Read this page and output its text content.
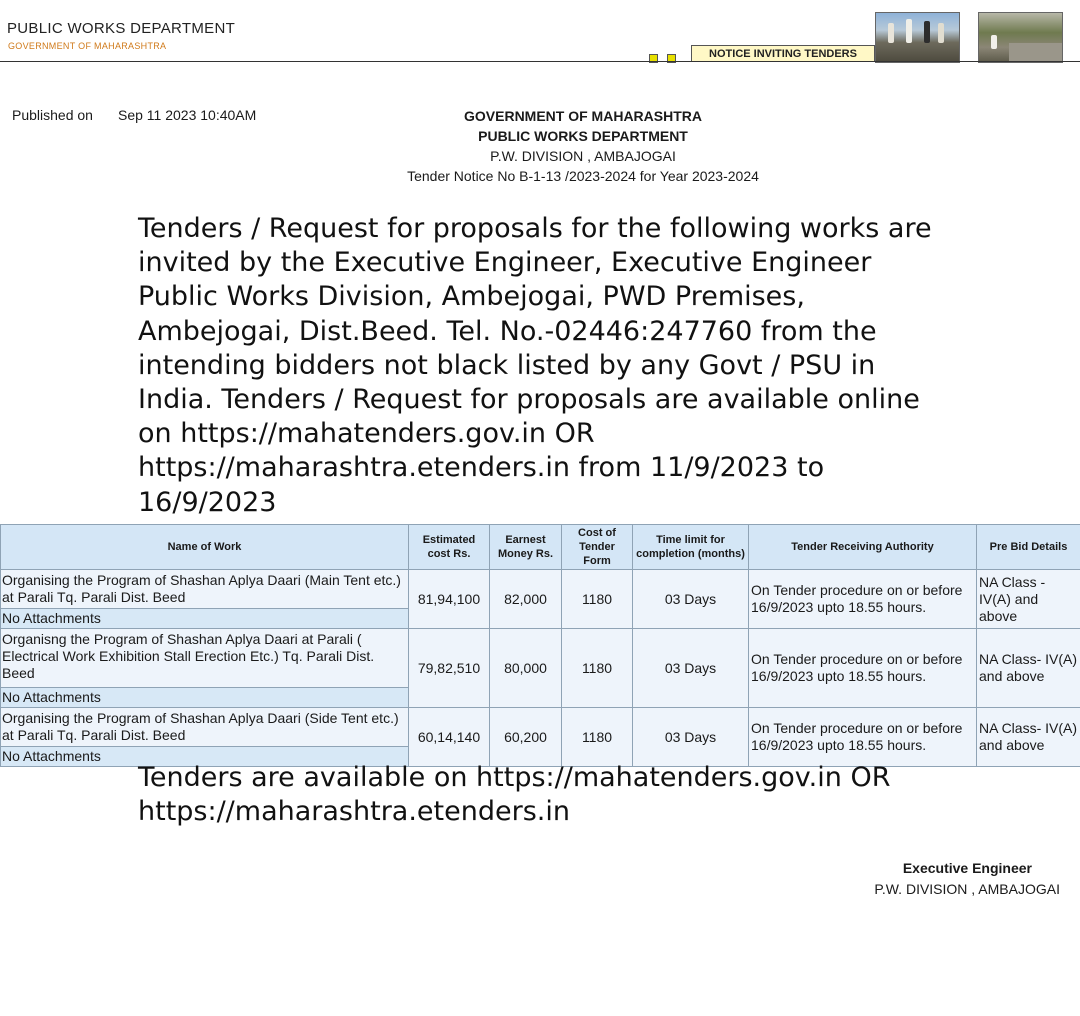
PUBLIC WORKS DEPARTMENT
GOVERNMENT OF MAHARASHTRA
NOTICE INVITING TENDERS
Published on Sep 11 2023 10:40AM	GOVERNMENT OF MAHARASHTRA
PUBLIC WORKS DEPARTMENT
P.W. DIVISION , AMBAJOGAI
Tender Notice No B-1-13 /2023-2024 for Year 2023-2024
Tenders / Request for proposals for the following works are invited by the Executive Engineer, Executive Engineer Public Works Division, Ambejogai, PWD Premises, Ambejogai, Dist.Beed. Tel. No.-02446:247760 from the intending bidders not black listed by any Govt / PSU in India. Tenders / Request for proposals are available online on https://mahatenders.gov.in OR https://maharashtra.etenders.in from 11/9/2023 to 16/9/2023
Name of Work	Estimated cost Rs.	Earnest Money Rs.	Cost of Tender Form	Time limit for completion (months)	Tender Receiving Authority	Pre Bid Details
Organising the Program of Shashan Aplya Daari (Main Tent etc.) at Parali Tq. Parali Dist. Beed	81,94,100	82,000	1180	03 Days	On Tender procedure on or before 16/9/2023 upto 18.55 hours.	NA Class - IV(A) and above
No Attachments						
Organisng the Program of Shashan Aplya Daari at Parali ( Electrical Work Exhibition Stall Erection Etc.) Tq. Parali Dist. Beed	79,82,510	80,000	1180	03 Days	On Tender procedure on or before 16/9/2023 upto 18.55 hours.	NA Class- IV(A) and above
No Attachments						
Organising the Program of Shashan Aplya Daari (Side Tent etc.) at Parali Tq. Parali Dist. Beed	60,14,140	60,200	1180	03 Days	On Tender procedure on or before 16/9/2023 upto 18.55 hours.	NA Class- IV(A) and above
No Attachments						
Tenders are available on https://mahatenders.gov.in OR https://maharashtra.etenders.in
Executive Engineer
P.W. DIVISION , AMBAJOGAI
